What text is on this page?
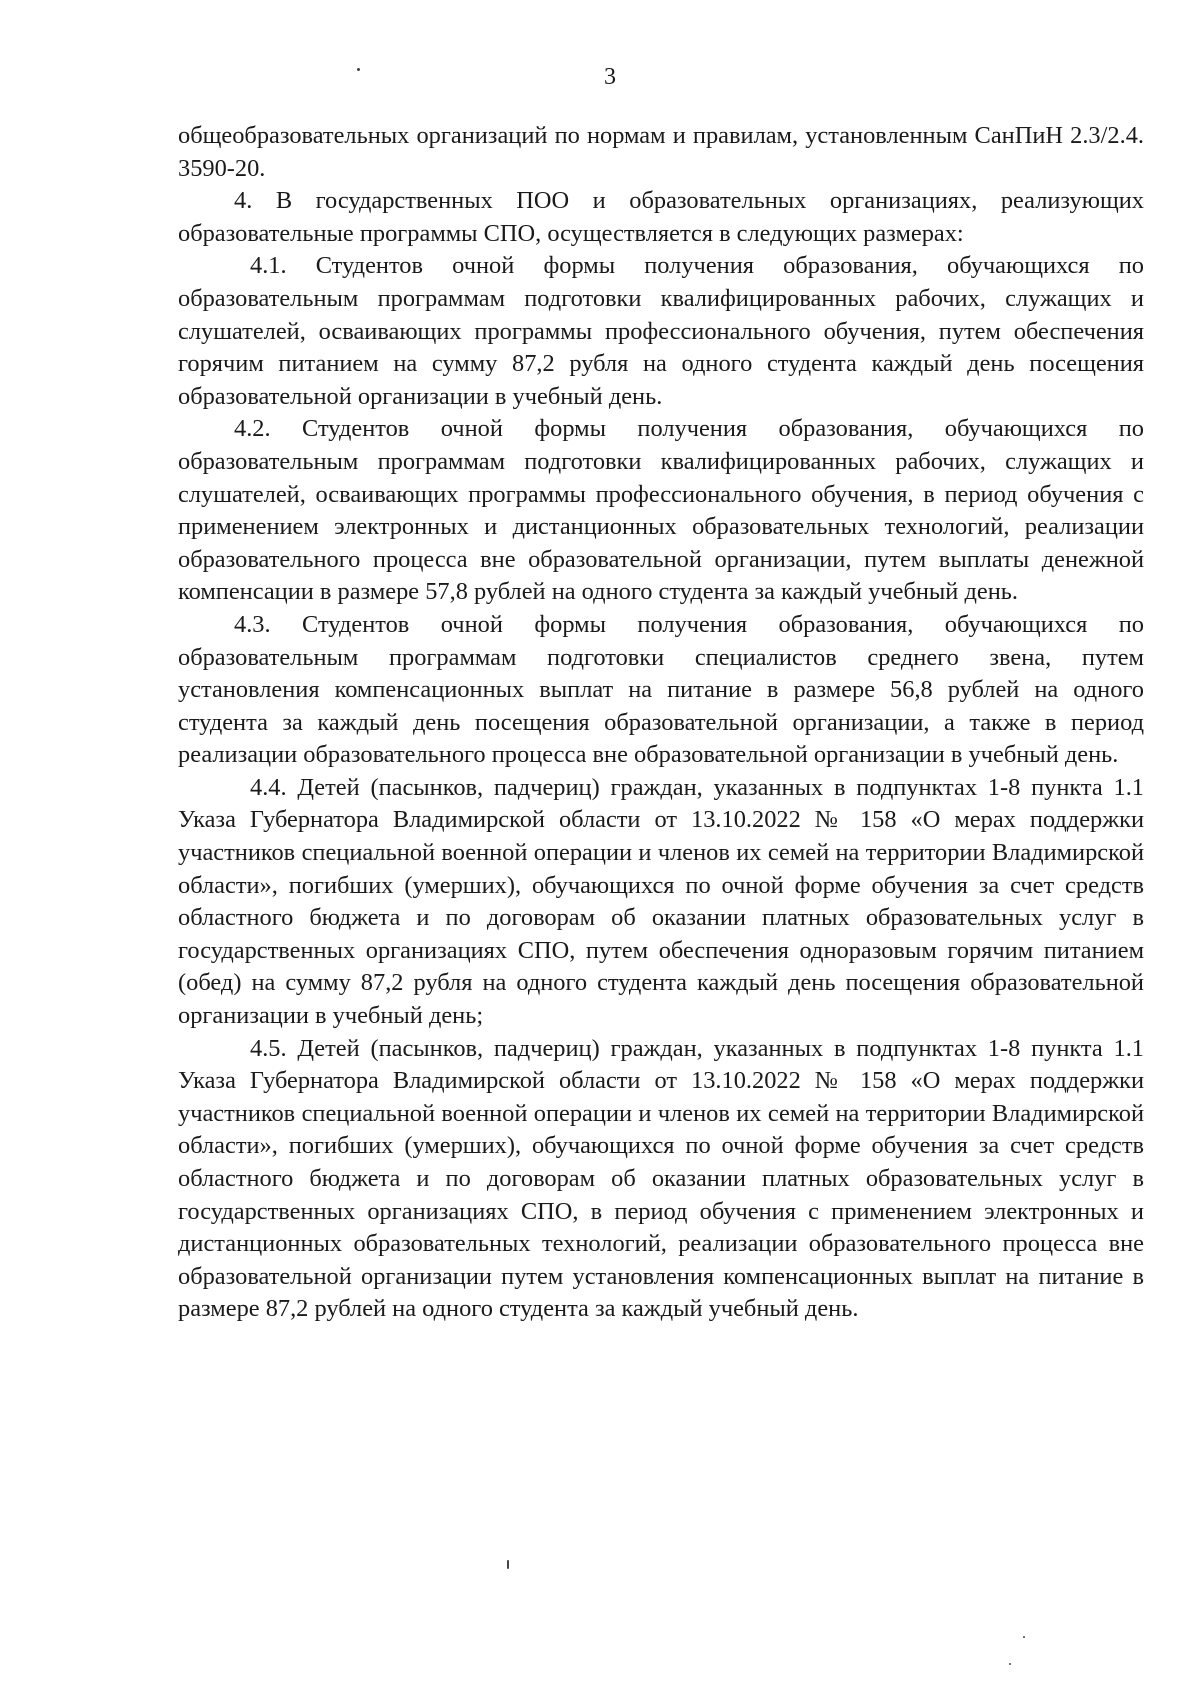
3

общеобразовательных организаций по нормам и правилам, установленным СанПиН 2.3/2.4. 3590-20.

4. В государственных ПОО и образовательных организациях, реализующих образовательные программы СПО, осуществляется в следующих размерах:

4.1. Студентов очной формы получения образования, обучающихся по образовательным программам подготовки квалифицированных рабочих, служащих и слушателей, осваивающих программы профессионального обучения, путем обеспечения горячим питанием на сумму 87,2 рубля на одного студента каждый день посещения образовательной организации в учебный день.

4.2. Студентов очной формы получения образования, обучающихся по образовательным программам подготовки квалифицированных рабочих, служащих и слушателей, осваивающих программы профессионального обучения, в период обучения с применением электронных и дистанционных образовательных технологий, реализации образовательного процесса вне образовательной организации, путем выплаты денежной компенсации в размере 57,8 рублей на одного студента за каждый учебный день.

4.3. Студентов очной формы получения образования, обучающихся по образовательным программам подготовки специалистов среднего звена, путем установления компенсационных выплат на питание в размере 56,8 рублей на одного студента за каждый день посещения образовательной организации, а также в период реализации образовательного процесса вне образовательной организации в учебный день.

4.4. Детей (пасынков, падчериц) граждан, указанных в подпунктах 1-8 пункта 1.1 Указа Губернатора Владимирской области от 13.10.2022 № 158 «О мерах поддержки участников специальной военной операции и членов их семей на территории Владимирской области», погибших (умерших), обучающихся по очной форме обучения за счет средств областного бюджета и по договорам об оказании платных образовательных услуг в государственных организациях СПО, путем обеспечения одноразовым горячим питанием (обед) на сумму 87,2 рубля на одного студента каждый день посещения образовательной организации в учебный день;

4.5. Детей (пасынков, падчериц) граждан, указанных в подпунктах 1-8 пункта 1.1 Указа Губернатора Владимирской области от 13.10.2022 № 158 «О мерах поддержки участников специальной военной операции и членов их семей на территории Владимирской области», погибших (умерших), обучающихся по очной форме обучения за счет средств областного бюджета и по договорам об оказании платных образовательных услуг в государственных организациях СПО, в период обучения с применением электронных и дистанционных образовательных технологий, реализации образовательного процесса вне образовательной организации путем установления компенсационных выплат на питание в размере 87,2 рублей на одного студента за каждый учебный день.
